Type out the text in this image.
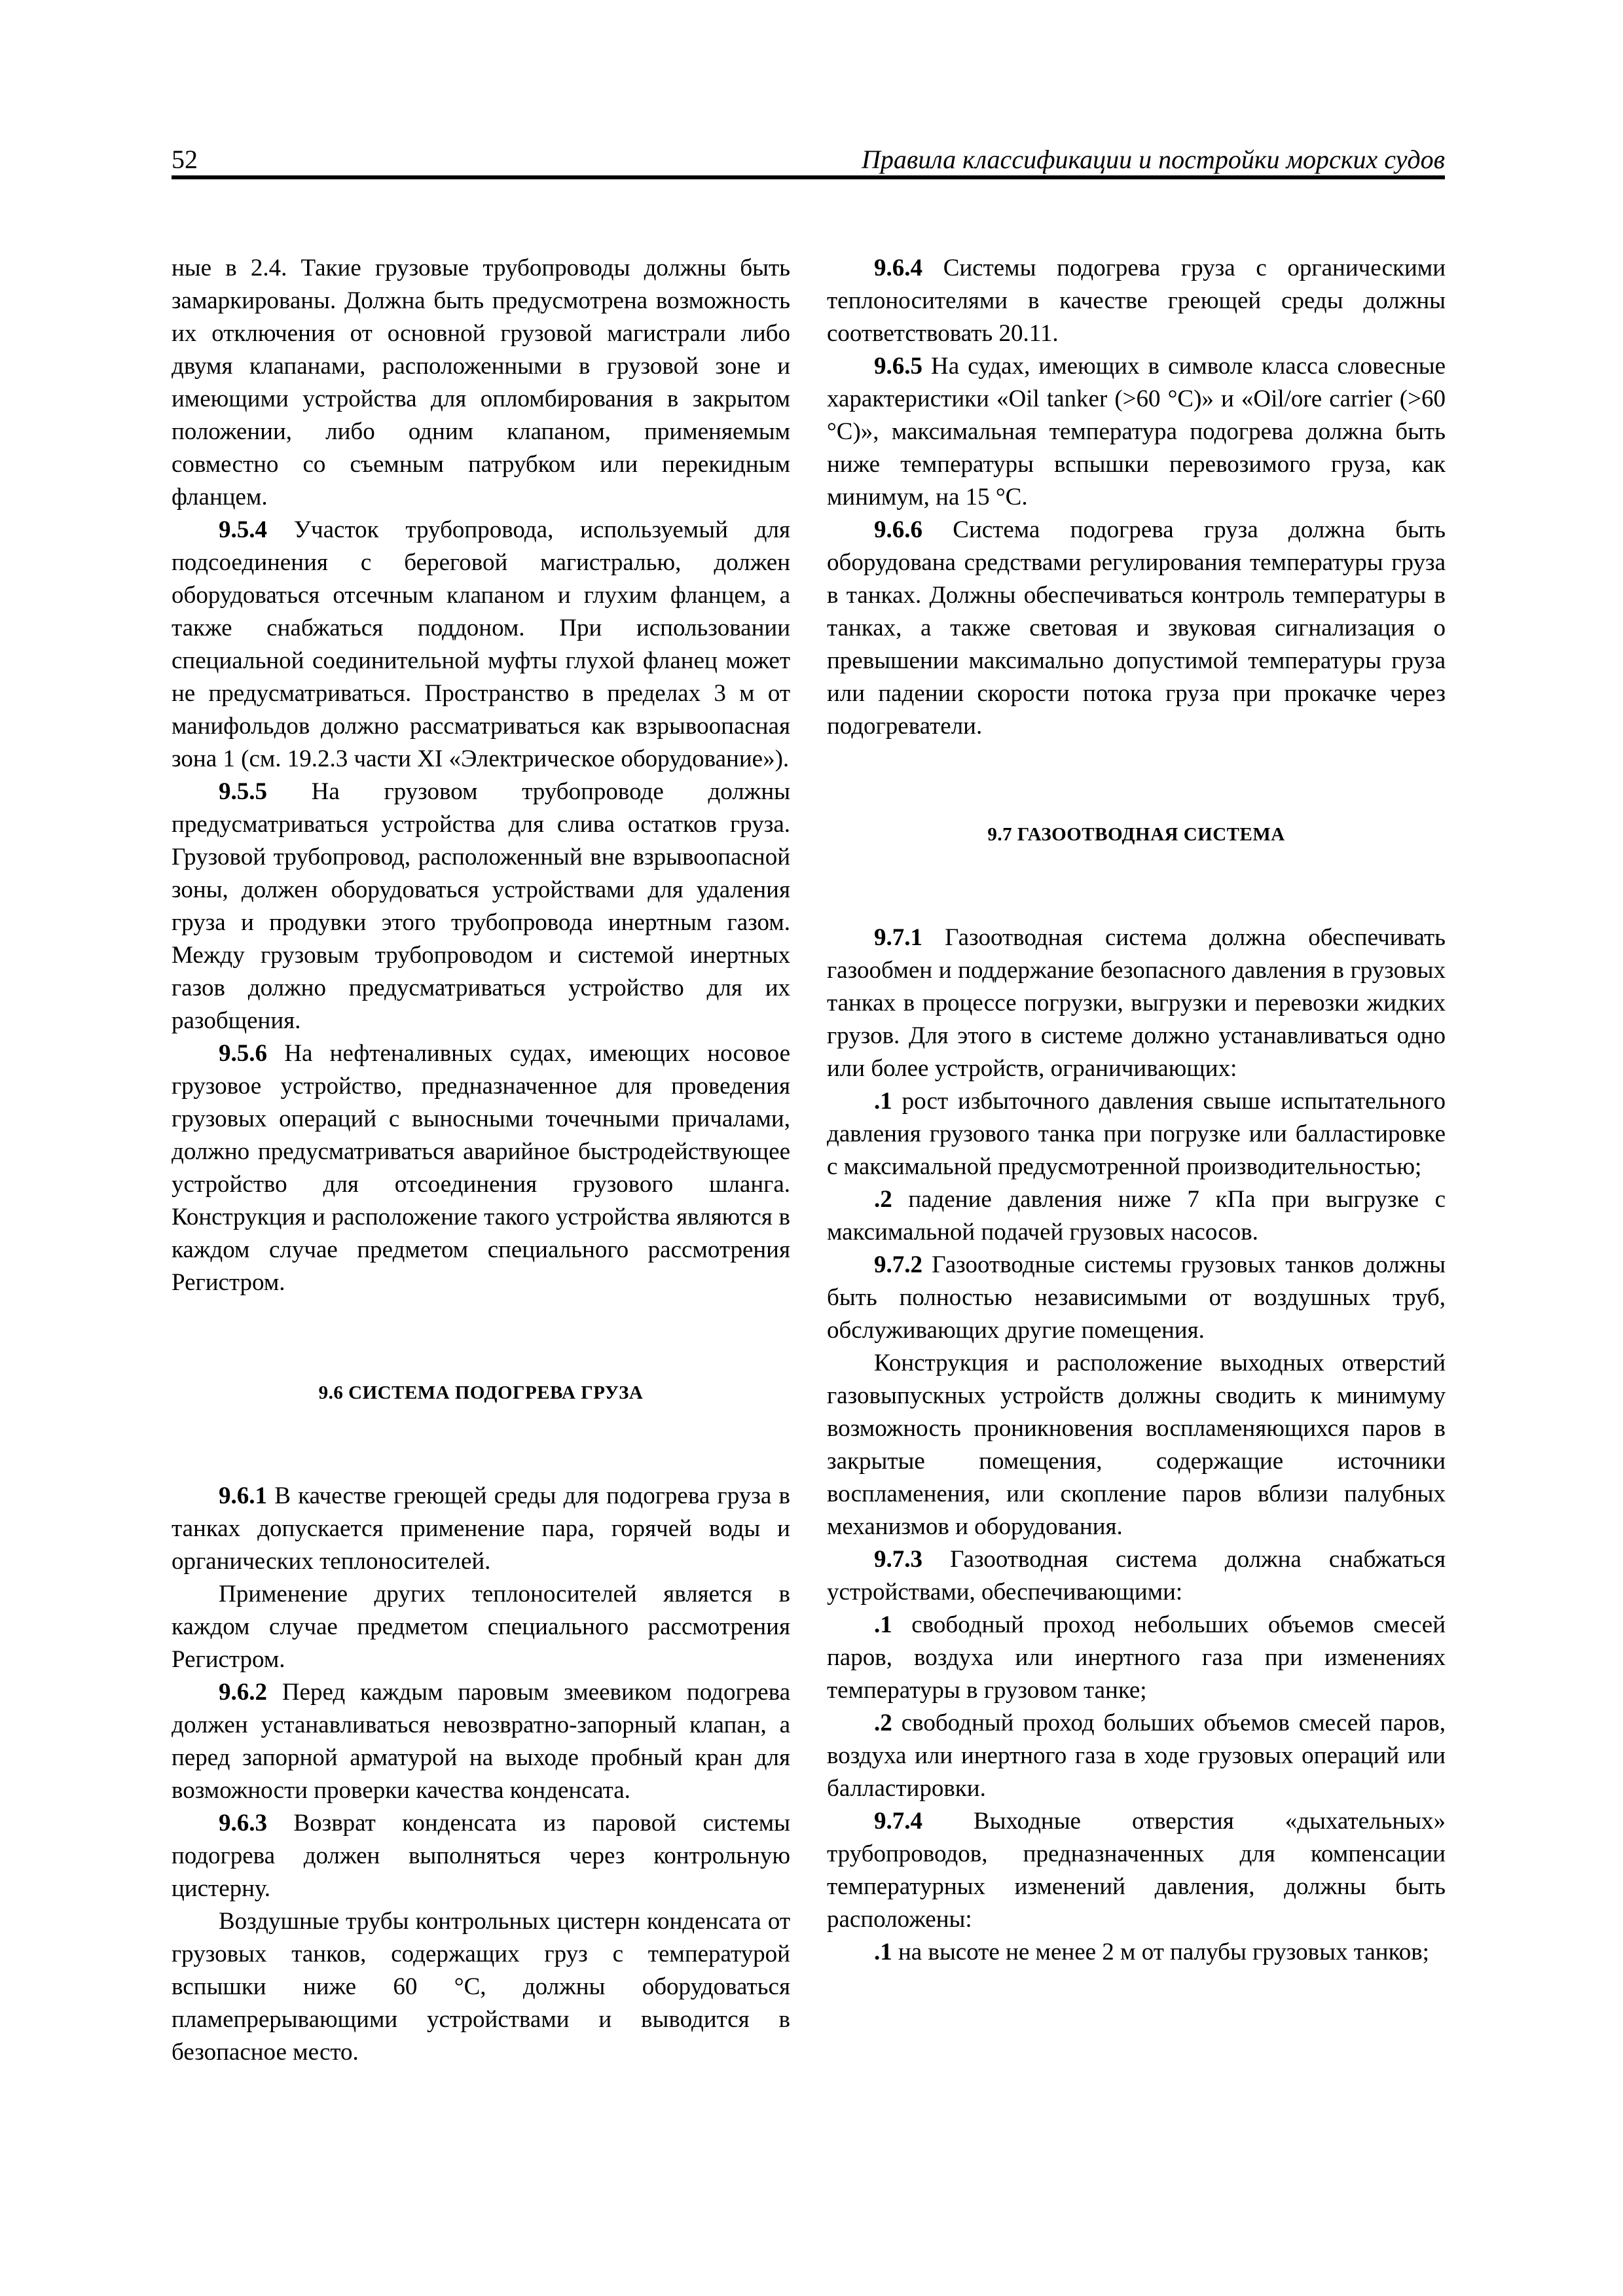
52	Правила классификации и постройки морских судов

ные в 2.4. Такие грузовые трубопроводы должны быть замаркированы. Должна быть предусмотрена возможность их отключения от основной грузовой магистрали либо двумя клапанами, расположенными в грузовой зоне и имеющими устройства для опломбирования в закрытом положении, либо одним клапаном, применяемым совместно со съемным патрубком или перекидным фланцем.

9.5.4 Участок трубопровода, используемый для подсоединения с береговой магистралью, должен оборудоваться отсечным клапаном и глухим фланцем, а также снабжаться поддоном. При использовании специальной соединительной муфты глухой фланец может не предусматриваться. Пространство в пределах 3 м от манифольдов должно рассматриваться как взрывоопасная зона 1 (см. 19.2.3 части XI «Электрическое оборудование»).

9.5.5 На грузовом трубопроводе должны предусматриваться устройства для слива остатков груза. Грузовой трубопровод, расположенный вне взрывоопасной зоны, должен оборудоваться устройствами для удаления груза и продувки этого трубопровода инертным газом. Между грузовым трубопроводом и системой инертных газов должно предусматриваться устройство для их разобщения.

9.5.6 На нефтеналивных судах, имеющих носовое грузовое устройство, предназначенное для проведения грузовых операций с выносными точечными причалами, должно предусматриваться аварийное быстродействующее устройство для отсоединения грузового шланга. Конструкция и расположение такого устройства являются в каждом случае предметом специального рассмотрения Регистром.

9.6 СИСТЕМА ПОДОГРЕВА ГРУЗА

9.6.1 В качестве греющей среды для подогрева груза в танках допускается применение пара, горячей воды и органических теплоносителей.

Применение других теплоносителей является в каждом случае предметом специального рассмотрения Регистром.

9.6.2 Перед каждым паровым змеевиком подогрева должен устанавливаться невозвратно-запорный клапан, а перед запорной арматурой на выходе пробный кран для возможности проверки качества конденсата.

9.6.3 Возврат конденсата из паровой системы подогрева должен выполняться через контрольную цистерну.

Воздушные трубы контрольных цистерн конденсата от грузовых танков, содержащих груз с температурой вспышки ниже 60 °С, должны оборудоваться пламепрерывающими устройствами и выводится в безопасное место.

9.6.4 Системы подогрева груза с органическими теплоносителями в качестве греющей среды должны соответствовать 20.11.

9.6.5 На судах, имеющих в символе класса словесные характеристики «Oil tanker (>60 °С)» и «Oil/ore carrier (>60 °С)», максимальная температура подогрева должна быть ниже температуры вспышки перевозимого груза, как минимум, на 15 °С.

9.6.6 Система подогрева груза должна быть оборудована средствами регулирования температуры груза в танках. Должны обеспечиваться контроль температуры в танках, а также световая и звуковая сигнализация о превышении максимально допустимой температуры груза или падении скорости потока груза при прокачке через подогреватели.

9.7 ГАЗООТВОДНАЯ СИСТЕМА

9.7.1 Газоотводная система должна обеспечивать газообмен и поддержание безопасного давления в грузовых танках в процессе погрузки, выгрузки и перевозки жидких грузов. Для этого в системе должно устанавливаться одно или более устройств, ограничивающих:

.1 рост избыточного давления свыше испытательного давления грузового танка при погрузке или балластировке с максимальной предусмотренной производительностью;

.2 падение давления ниже 7 кПа при выгрузке с максимальной подачей грузовых насосов.

9.7.2 Газоотводные системы грузовых танков должны быть полностью независимыми от воздушных труб, обслуживающих другие помещения.

Конструкция и расположение выходных отверстий газовыпускных устройств должны сводить к минимуму возможность проникновения воспламеняющихся паров в закрытые помещения, содержащие источники воспламенения, или скопление паров вблизи палубных механизмов и оборудования.

9.7.3 Газоотводная система должна снабжаться устройствами, обеспечивающими:

.1 свободный проход небольших объемов смесей паров, воздуха или инертного газа при изменениях температуры в грузовом танке;

.2 свободный проход больших объемов смесей паров, воздуха или инертного газа в ходе грузовых операций или балластировки.

9.7.4 Выходные отверстия «дыхательных» трубопроводов, предназначенных для компенсации температурных изменений давления, должны быть расположены:

.1 на высоте не менее 2 м от палубы грузовых танков;
